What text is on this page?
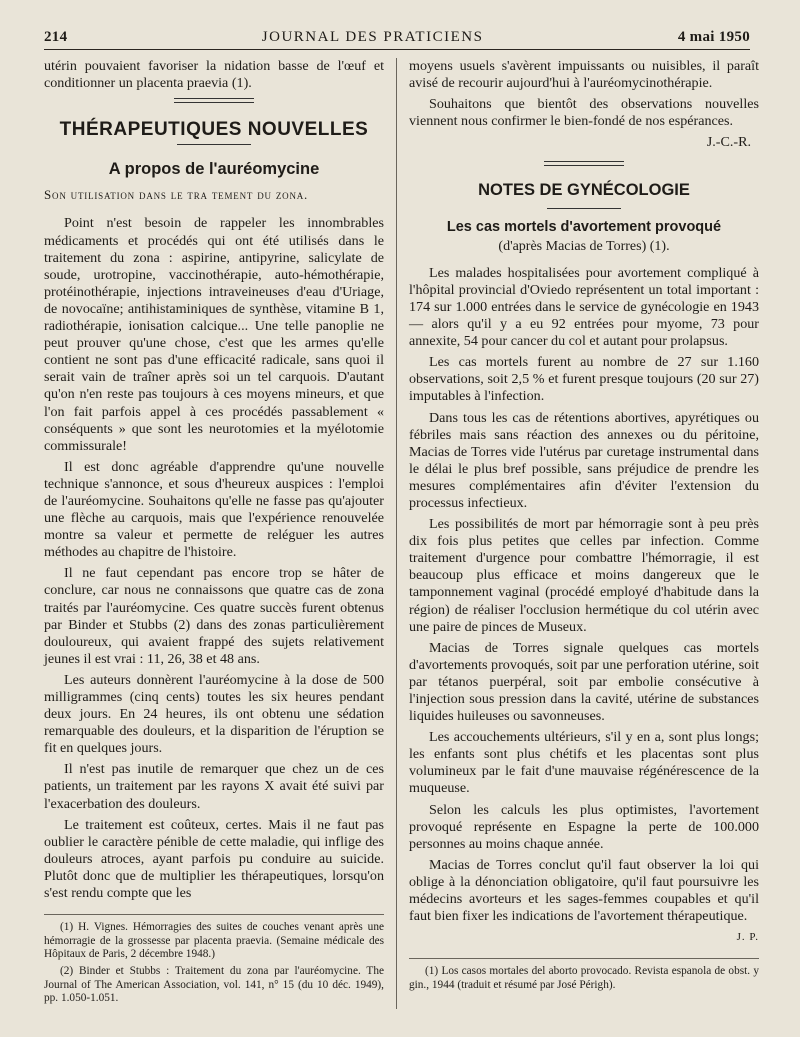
214	JOURNAL DES PRATICIENS	4 mai 1950

utérin pouvaient favoriser la nidation basse de l'œuf et conditionner un placenta praevia (1).

THÉRAPEUTIQUES NOUVELLES
A propos de l'auréomycine
Son utilisation dans le tra tement du zona.

Point n'est besoin de rappeler les innombrables médicaments et procédés qui ont été utilisés dans le traitement du zona : aspirine, antipyrine, salicylate de soude, urotropine, vaccinothérapie, auto-hémothérapie, protéinothérapie, injections intraveineuses d'eau d'Uriage, de novocaïne; antihistaminiques de synthèse, vitamine B 1, radiothérapie, ionisation calcique... Une telle panoplie ne peut prouver qu'une chose, c'est que les armes qu'elle contient ne sont pas d'une efficacité radicale, sans quoi il serait vain de traîner après soi un tel carquois. D'autant qu'on n'en reste pas toujours à ces moyens mineurs, et que l'on fait parfois appel à ces procédés passablement « conséquents » que sont les neurotomies et la myélotomie commissurale!

Il est donc agréable d'apprendre qu'une nouvelle technique s'annonce, et sous d'heureux auspices : l'emploi de l'auréomycine. Souhaitons qu'elle ne fasse pas qu'ajouter une flèche au carquois, mais que l'expérience renouvelée montre sa valeur et permette de reléguer les autres méthodes au chapitre de l'histoire.

Il ne faut cependant pas encore trop se hâter de conclure, car nous ne connaissons que quatre cas de zona traités par l'auréomycine. Ces quatre succès furent obtenus par Binder et Stubbs (2) dans des zonas particulièrement douloureux, qui avaient frappé des sujets relativement jeunes il est vrai : 11, 26, 38 et 48 ans.

Les auteurs donnèrent l'auréomycine à la dose de 500 milligrammes (cinq cents) toutes les six heures pendant deux jours. En 24 heures, ils ont obtenu une sédation remarquable des douleurs, et la disparition de l'éruption se fit en quelques jours.

Il n'est pas inutile de remarquer que chez un de ces patients, un traitement par les rayons X avait été suivi par l'exacerbation des douleurs.

Le traitement est coûteux, certes. Mais il ne faut pas oublier le caractère pénible de cette maladie, qui inflige des douleurs atroces, ayant parfois pu conduire au suicide. Plutôt donc que de multiplier les thérapeutiques, lorsqu'on s'est rendu compte que les

(1) H. Vignes. Hémorragies des suites de couches venant après une hémorragie de la grossesse par placenta praevia. (Semaine médicale des Hôpitaux de Paris, 2 décembre 1948.)

(2) Binder et Stubbs : Traitement du zona par l'auréomycine. The Journal of The American Association, vol. 141, n° 15 (du 10 déc. 1949), pp. 1.050-1.051.

moyens usuels s'avèrent impuissants ou nuisibles, il paraît avisé de recourir aujourd'hui à l'auréomycinothérapie.

Souhaitons que bientôt des observations nouvelles viennent nous confirmer le bien-fondé de nos espérances.

J.-C.-R.
NOTES DE GYNÉCOLOGIE
Les cas mortels d'avortement provoqué
(d'après Macias de Torres) (1).

Les malades hospitalisées pour avortement compliqué à l'hôpital provincial d'Oviedo représentent un total important : 174 sur 1.000 entrées dans le service de gynécologie en 1943 — alors qu'il y a eu 92 entrées pour myome, 73 pour annexite, 54 pour cancer du col et autant pour prolapsus.

Les cas mortels furent au nombre de 27 sur 1.160 observations, soit 2,5 % et furent presque toujours (20 sur 27) imputables à l'infection.

Dans tous les cas de rétentions abortives, apyrétiques ou fébriles mais sans réaction des annexes ou du péritoine, Macias de Torres vide l'utérus par curetage instrumental dans le délai le plus bref possible, sans préjudice de prendre les mesures complémentaires afin d'éviter l'extension du processus infectieux.

Les possibilités de mort par hémorragie sont à peu près dix fois plus petites que celles par infection. Comme traitement d'urgence pour combattre l'hémorragie, il est beaucoup plus efficace et moins dangereux que le tamponnement vaginal (procédé employé d'habitude dans la région) de réaliser l'occlusion hermétique du col utérin avec une paire de pinces de Museux.

Macias de Torres signale quelques cas mortels d'avortements provoqués, soit par une perforation utérine, soit par tétanos puerpéral, soit par embolie consécutive à l'injection sous pression dans la cavité, utérine de substances liquides huileuses ou savonneuses.

Les accouchements ultérieurs, s'il y en a, sont plus longs; les enfants sont plus chétifs et les placentas sont plus volumineux par le fait d'une mauvaise régénérescence de la muqueuse.

Selon les calculs les plus optimistes, l'avortement provoqué représente en Espagne la perte de 100.000 personnes au moins chaque année.

Macias de Torres conclut qu'il faut observer la loi qui oblige à la dénonciation obligatoire, qu'il faut poursuivre les médecins avorteurs et les sages-femmes coupables et qu'il faut bien fixer les indications de l'avortement thérapeutique.

J. P.

(1) Los casos mortales del aborto provocado. Revista espanola de obst. y gin., 1944 (traduit et résumé par José Périgh).
